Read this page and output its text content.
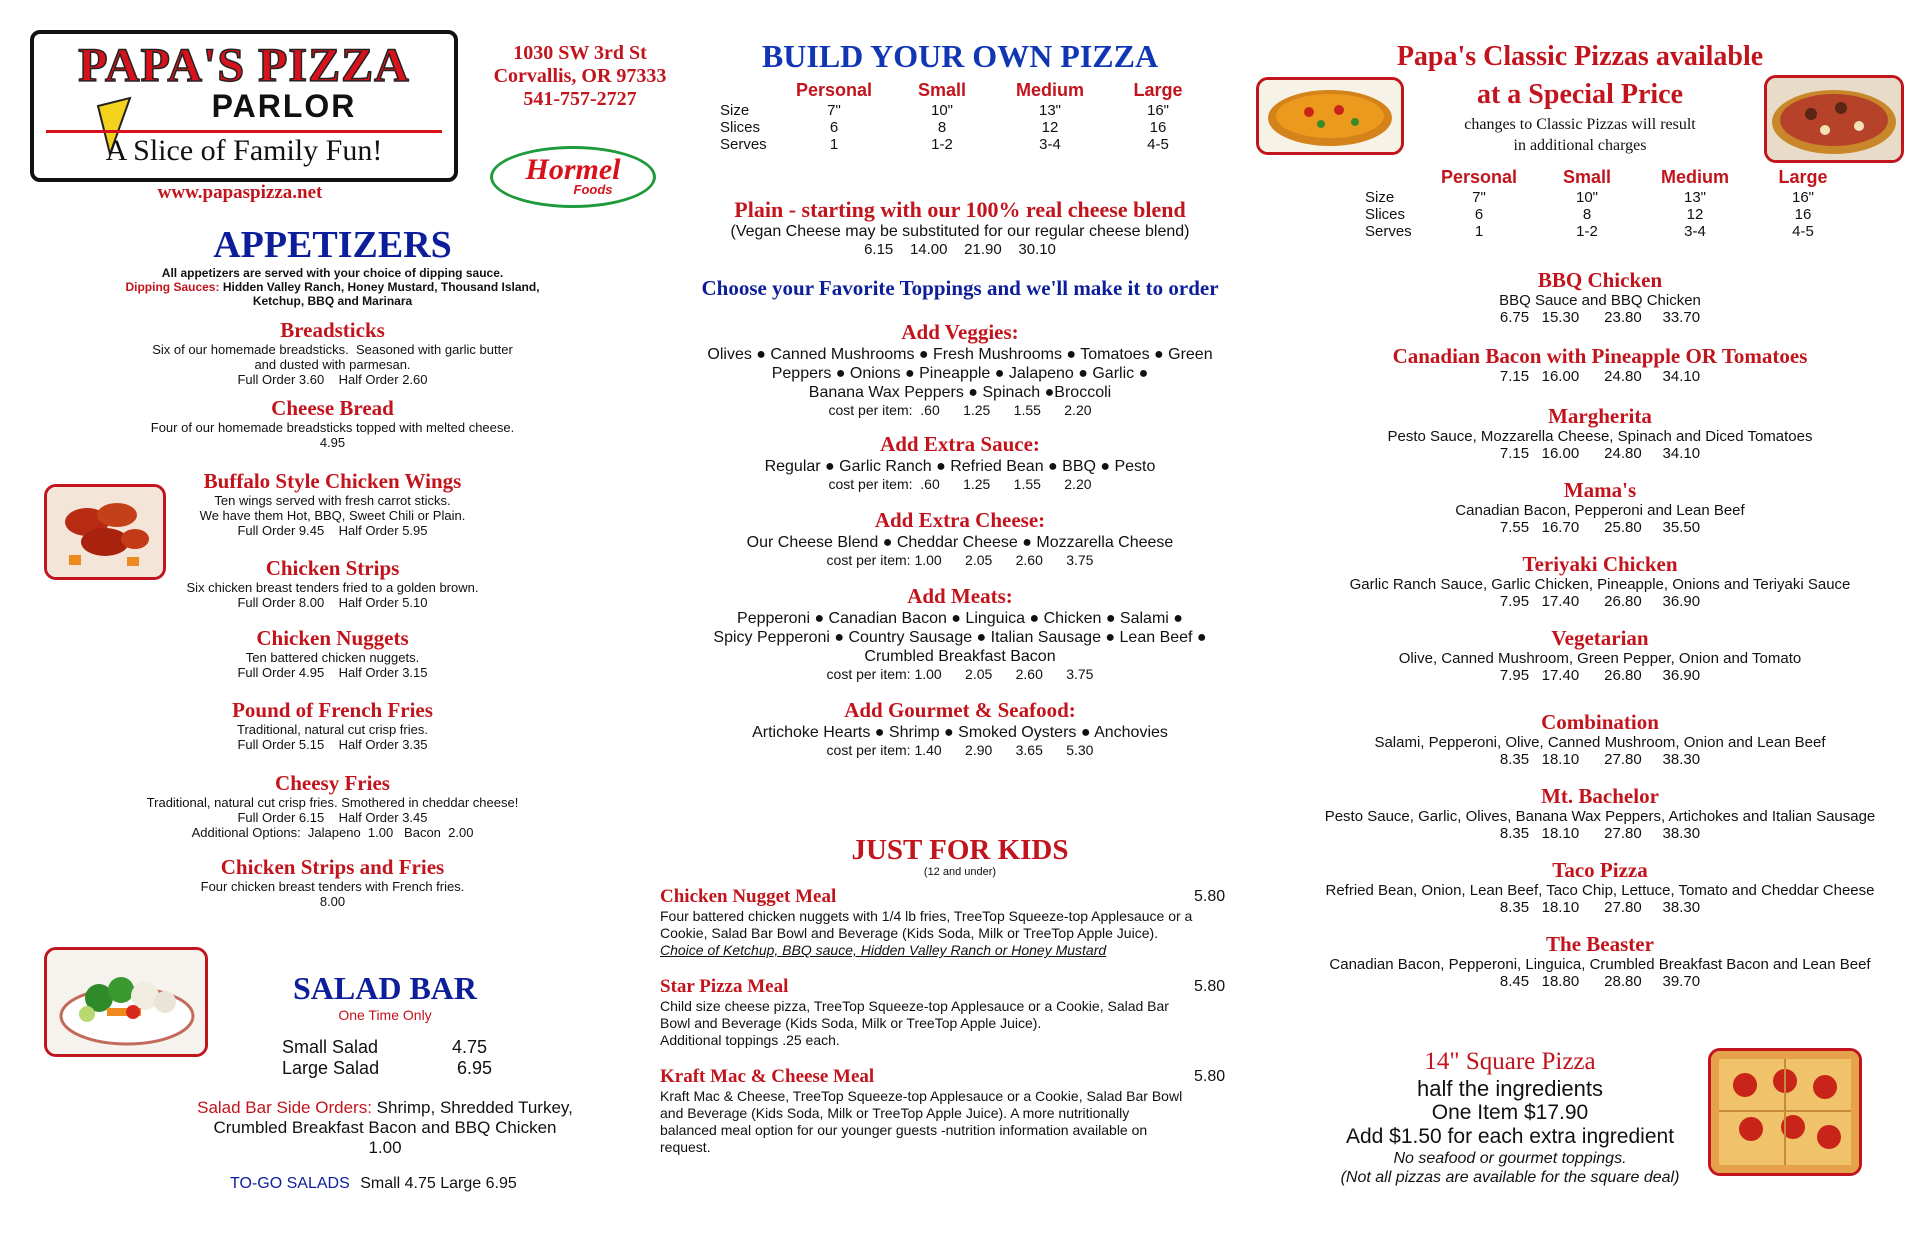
PAPA'S PIZZA
PARLOR
A Slice of Family Fun!
www.papaspizza.net
1030 SW 3rd St
Corvallis, OR 97333
541-757-2727
Hormel
Foods
APPETIZERS
All appetizers are served with your choice of dipping sauce.
Dipping Sauces: Hidden Valley Ranch, Honey Mustard, Thousand Island, Ketchup, BBQ and Marinara
Breadsticks
Six of our homemade breadsticks.  Seasoned with garlic butter
and dusted with parmesan.
Full Order 3.60    Half Order 2.60
Cheese Bread
Four of our homemade breadsticks topped with melted cheese.
4.95
Buffalo Style Chicken Wings
Ten wings served with fresh carrot sticks.
We have them Hot, BBQ, Sweet Chili or Plain.
Full Order 9.45    Half Order 5.95
Chicken Strips
Six chicken breast tenders fried to a golden brown.
Full Order 8.00    Half Order 5.10
Chicken Nuggets
Ten battered chicken nuggets.
Full Order 4.95    Half Order 3.15
Pound of French Fries
Traditional, natural cut crisp fries.
Full Order 5.15    Half Order 3.35
Cheesy Fries
Traditional, natural cut crisp fries. Smothered in cheddar cheese!
Full Order 6.15    Half Order 3.45
Additional Options:  Jalapeno  1.00   Bacon  2.00
Chicken Strips and Fries
Four chicken breast tenders with French fries.
8.00
SALAD BAR
One Time Only
Small Salad	4.75
Large Salad	6.95
Salad Bar Side Orders: Shrimp, Shredded Turkey,
Crumbled Breakfast Bacon and BBQ Chicken
1.00
TO-GO SALADS Small 4.75 Large 6.95
BUILD YOUR OWN PIZZA
Personal	Small	Medium	Large
Size	7"	10"	13"	16"
Slices	6	8	12	16
Serves	1	1-2	3-4	4-5
Plain - starting with our 100% real cheese blend
(Vegan Cheese may be substituted for our regular cheese blend)
6.15    14.00    21.90    30.10
Choose your Favorite Toppings and we'll make it to order
Add Veggies:
Olives ● Canned Mushrooms ● Fresh Mushrooms ● Tomatoes ● Green
Peppers ● Onions ● Pineapple ● Jalapeno ● Garlic ●
Banana Wax Peppers ● Spinach ●Broccoli
cost per item:  .60      1.25      1.55      2.20
Add Extra Sauce:
Regular ● Garlic Ranch ● Refried Bean ● BBQ ● Pesto
cost per item:  .60      1.25      1.55      2.20
Add Extra Cheese:
Our Cheese Blend ● Cheddar Cheese ● Mozzarella Cheese
cost per item: 1.00      2.05      2.60      3.75
Add Meats:
Pepperoni ● Canadian Bacon ● Linguica ● Chicken ● Salami ●
Spicy Pepperoni ● Country Sausage ● Italian Sausage ● Lean Beef ●
Crumbled Breakfast Bacon
cost per item: 1.00      2.05      2.60      3.75
Add Gourmet & Seafood:
Artichoke Hearts ● Shrimp ● Smoked Oysters ● Anchovies
cost per item: 1.40      2.90      3.65      5.30
JUST FOR KIDS
(12 and under)
Chicken Nugget Meal	5.80
Four battered chicken nuggets with 1/4 lb fries, TreeTop Squeeze-top Applesauce or a
Cookie, Salad Bar Bowl and Beverage (Kids Soda, Milk or TreeTop Apple Juice).
Choice of Ketchup, BBQ sauce, Hidden Valley Ranch or Honey Mustard
Star Pizza Meal	5.80
Child size cheese pizza, TreeTop Squeeze-top Applesauce or a Cookie, Salad Bar
Bowl and Beverage (Kids Soda, Milk or TreeTop Apple Juice).
Additional toppings .25 each.
Kraft Mac & Cheese Meal	5.80
Kraft Mac & Cheese, TreeTop Squeeze-top Applesauce or a Cookie, Salad Bar Bowl
and Beverage (Kids Soda, Milk or TreeTop Apple Juice). A more nutritionally
balanced meal option for our younger guests -nutrition information available on
request.
Papa's Classic Pizzas available
at a Special Price
changes to Classic Pizzas will result
in additional charges
Personal	Small	Medium	Large
Size	7"	10"	13"	16"
Slices	6	8	12	16
Serves	1	1-2	3-4	4-5
BBQ Chicken
BBQ Sauce and BBQ Chicken
6.75   15.30      23.80     33.70
Canadian Bacon with Pineapple OR Tomatoes
7.15   16.00      24.80     34.10
Margherita
Pesto Sauce, Mozzarella Cheese, Spinach and Diced Tomatoes
7.15   16.00      24.80     34.10
Mama's
Canadian Bacon, Pepperoni and Lean Beef
7.55   16.70      25.80     35.50
Teriyaki Chicken
Garlic Ranch Sauce, Garlic Chicken, Pineapple, Onions and Teriyaki Sauce
7.95   17.40      26.80     36.90
Vegetarian
Olive, Canned Mushroom, Green Pepper, Onion and Tomato
7.95   17.40      26.80     36.90
Combination
Salami, Pepperoni, Olive, Canned Mushroom, Onion and Lean Beef
8.35   18.10      27.80     38.30
Mt. Bachelor
Pesto Sauce, Garlic, Olives, Banana Wax Peppers, Artichokes and Italian Sausage
8.35   18.10      27.80     38.30
Taco Pizza
Refried Bean, Onion, Lean Beef, Taco Chip, Lettuce, Tomato and Cheddar Cheese
8.35   18.10      27.80     38.30
The Beaster
Canadian Bacon, Pepperoni, Linguica, Crumbled Breakfast Bacon and Lean Beef
8.45   18.80      28.80     39.70
14" Square Pizza
half the ingredients
One Item $17.90
Add $1.50 for each extra ingredient
No seafood or gourmet toppings.
(Not all pizzas are available for the square deal)
